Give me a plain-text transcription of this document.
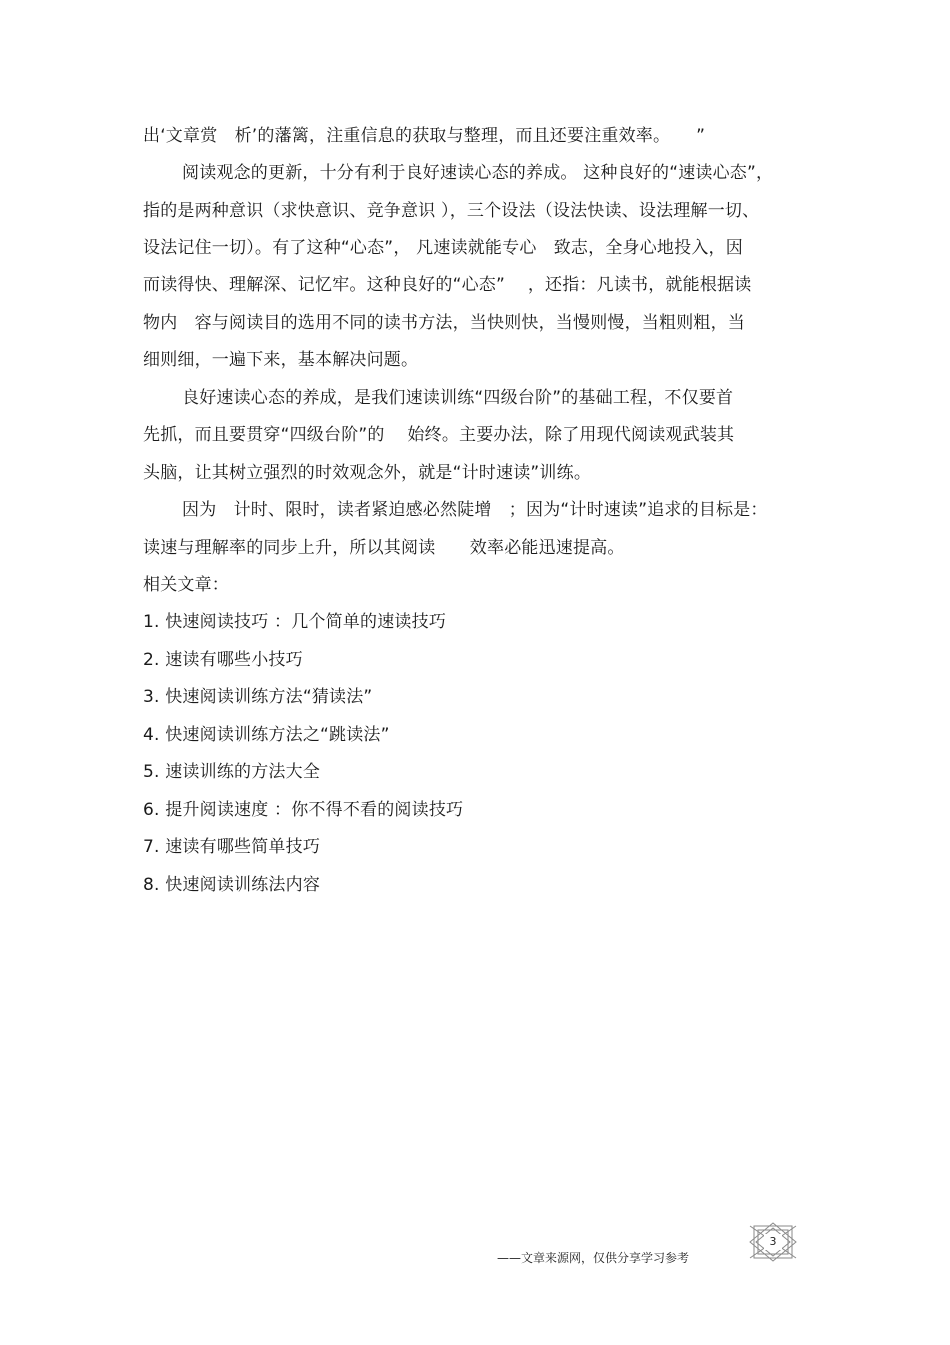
出‘文章赏　析’的藩篱，注重信息的获取与整理，而且还要注重效率。　　”
阅读观念的更新，十分有利于良好速读心态的养成。 这种良好的“速读心态”，
指的是两种意识（求快意识、竞争意识 ），三个设法（设法快读、设法理解一切、
设法记住一切）。有了这种“心态”， 凡速读就能专心　致志，全身心地投入，因
而读得快、理解深、记忆牢。这种良好的“心态”　 ，还指：凡读书，就能根据读
物内　容与阅读目的选用不同的读书方法，当快则快，当慢则慢，当粗则粗，当
细则细，一遍下来，基本解决问题。
良好速读心态的养成，是我们速读训练“四级台阶”的基础工程，不仅要首
先抓，而且要贯穿“四级台阶”的　 始终。主要办法，除了用现代阅读观武装其
头脑，让其树立强烈的时效观念外，就是“计时速读”训练。
因为　计时、限时，读者紧迫感必然陡增　；因为“计时速读”追求的目标是：
读速与理解率的同步上升，所以其阅读　　效率必能迅速提高。
相关文章：
1. 快速阅读技巧 ：几个简单的速读技巧
2. 速读有哪些小技巧
3. 快速阅读训练方法“猜读法”
4. 快速阅读训练方法之“跳读法”
5. 速读训练的方法大全
6. 提升阅读速度 ：你不得不看的阅读技巧
7. 速读有哪些简单技巧
8. 快速阅读训练法内容
——文章来源网，仅供分享学习参考
3
